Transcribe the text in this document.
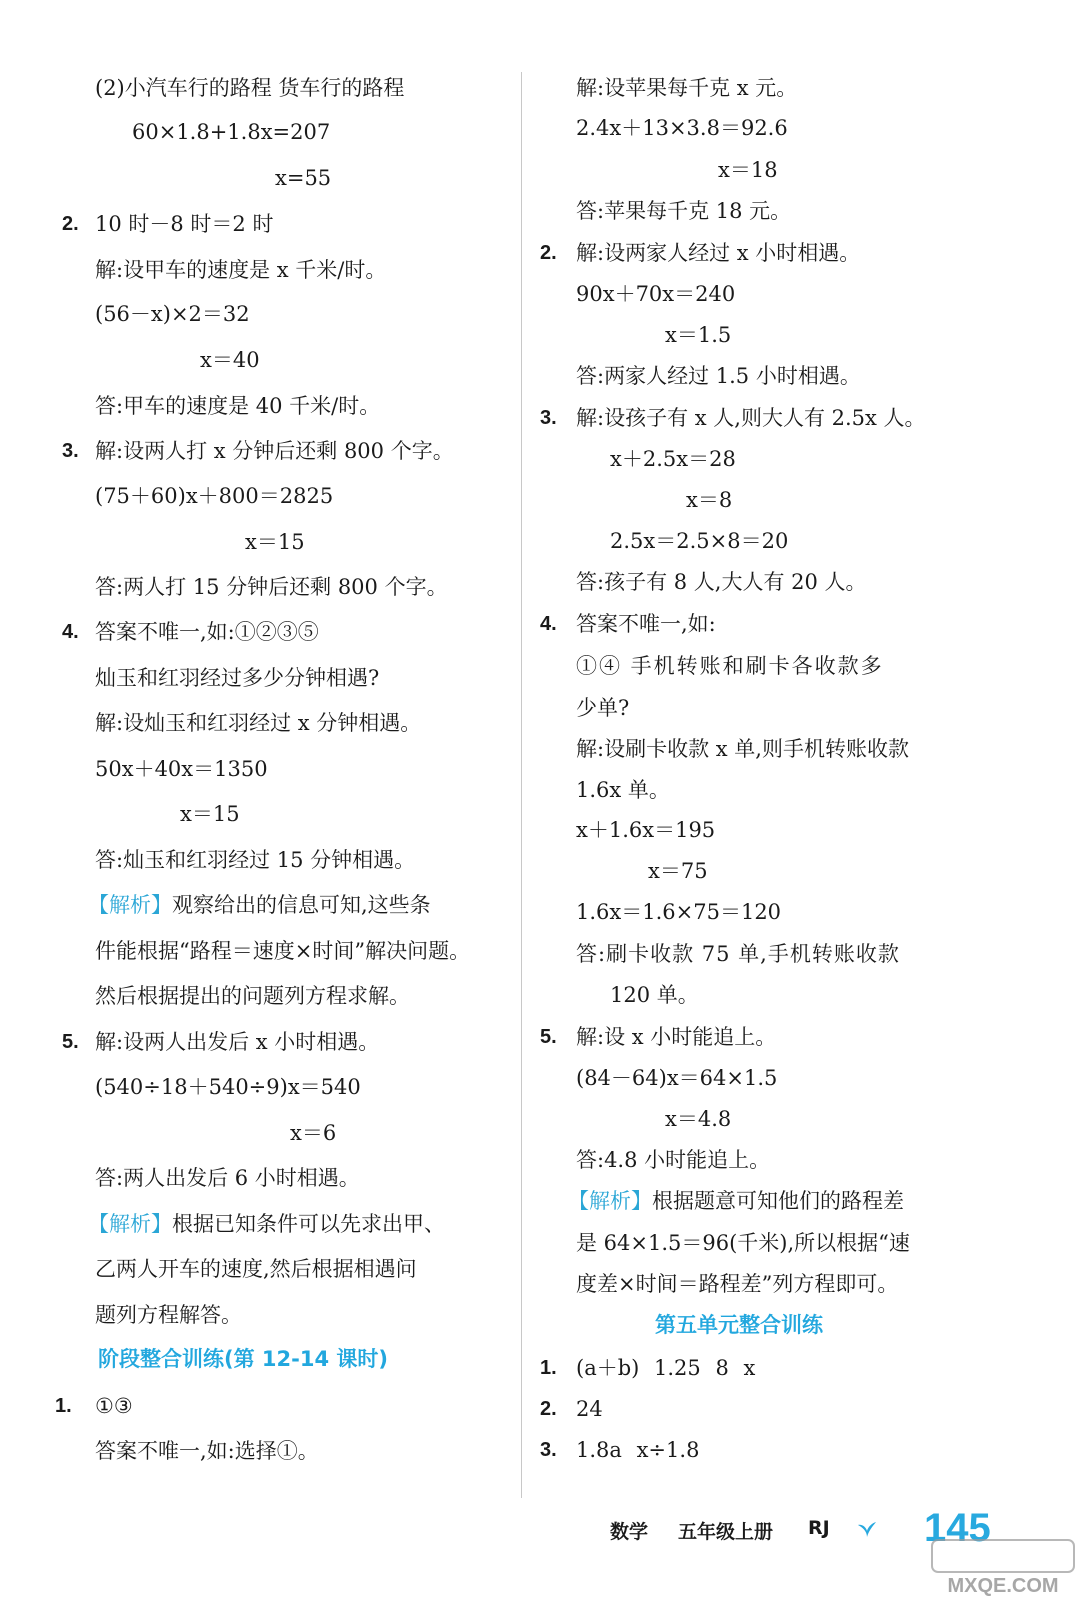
(2)小汽车行的路程 货车行的路程
60×1.8+1.8x=207
x=55
2. 10 时－8 时＝2 时
解:设甲车的速度是 x 千米/时。
(56－x)×2＝32
x＝40
答:甲车的速度是 40 千米/时。
3. 解:设两人打 x 分钟后还剩 800 个字。
(75＋60)x＋800＝2825
x＝15
答:两人打 15 分钟后还剩 800 个字。
4. 答案不唯一,如:①②③⑤
灿玉和红羽经过多少分钟相遇?
解:设灿玉和红羽经过 x 分钟相遇。
50x＋40x＝1350
x＝15
答:灿玉和红羽经过 15 分钟相遇。
【解析】观察给出的信息可知,这些条
件能根据“路程＝速度×时间”解决问题。
然后根据提出的问题列方程求解。
5. 解:设两人出发后 x 小时相遇。
(540÷18＋540÷9)x＝540
x＝6
答:两人出发后 6 小时相遇。
【解析】根据已知条件可以先求出甲、
乙两人开车的速度,然后根据相遇问
题列方程解答。
阶段整合训练(第 12-14 课时)
1. ①③
答案不唯一,如:选择①。
解:设苹果每千克 x 元。
2.4x＋13×3.8＝92.6
x＝18
答:苹果每千克 18 元。
2. 解:设两家人经过 x 小时相遇。
90x＋70x＝240
x＝1.5
答:两家人经过 1.5 小时相遇。
3. 解:设孩子有 x 人,则大人有 2.5x 人。
x＋2.5x＝28
x＝8
2.5x＝2.5×8＝20
答:孩子有 8 人,大人有 20 人。
4. 答案不唯一,如:
①④ 手机转账和刷卡各收款多
少单?
解:设刷卡收款 x 单,则手机转账收款
1.6x 单。
x＋1.6x＝195
x＝75
1.6x＝1.6×75＝120
答:刷卡收款 75 单,手机转账收款
120 单。
5. 解:设 x 小时能追上。
(84－64)x＝64×1.5
x＝4.8
答:4.8 小时能追上。
【解析】根据题意可知他们的路程差
是 64×1.5＝96(千米),所以根据“速
度差×时间＝路程差”列方程即可。
第五单元整合训练
1. (a＋b) 1.25 8 x
2. 24
3. 1.8a x÷1.8
数学 五年级上册 RJ 145
MXQE.COM
